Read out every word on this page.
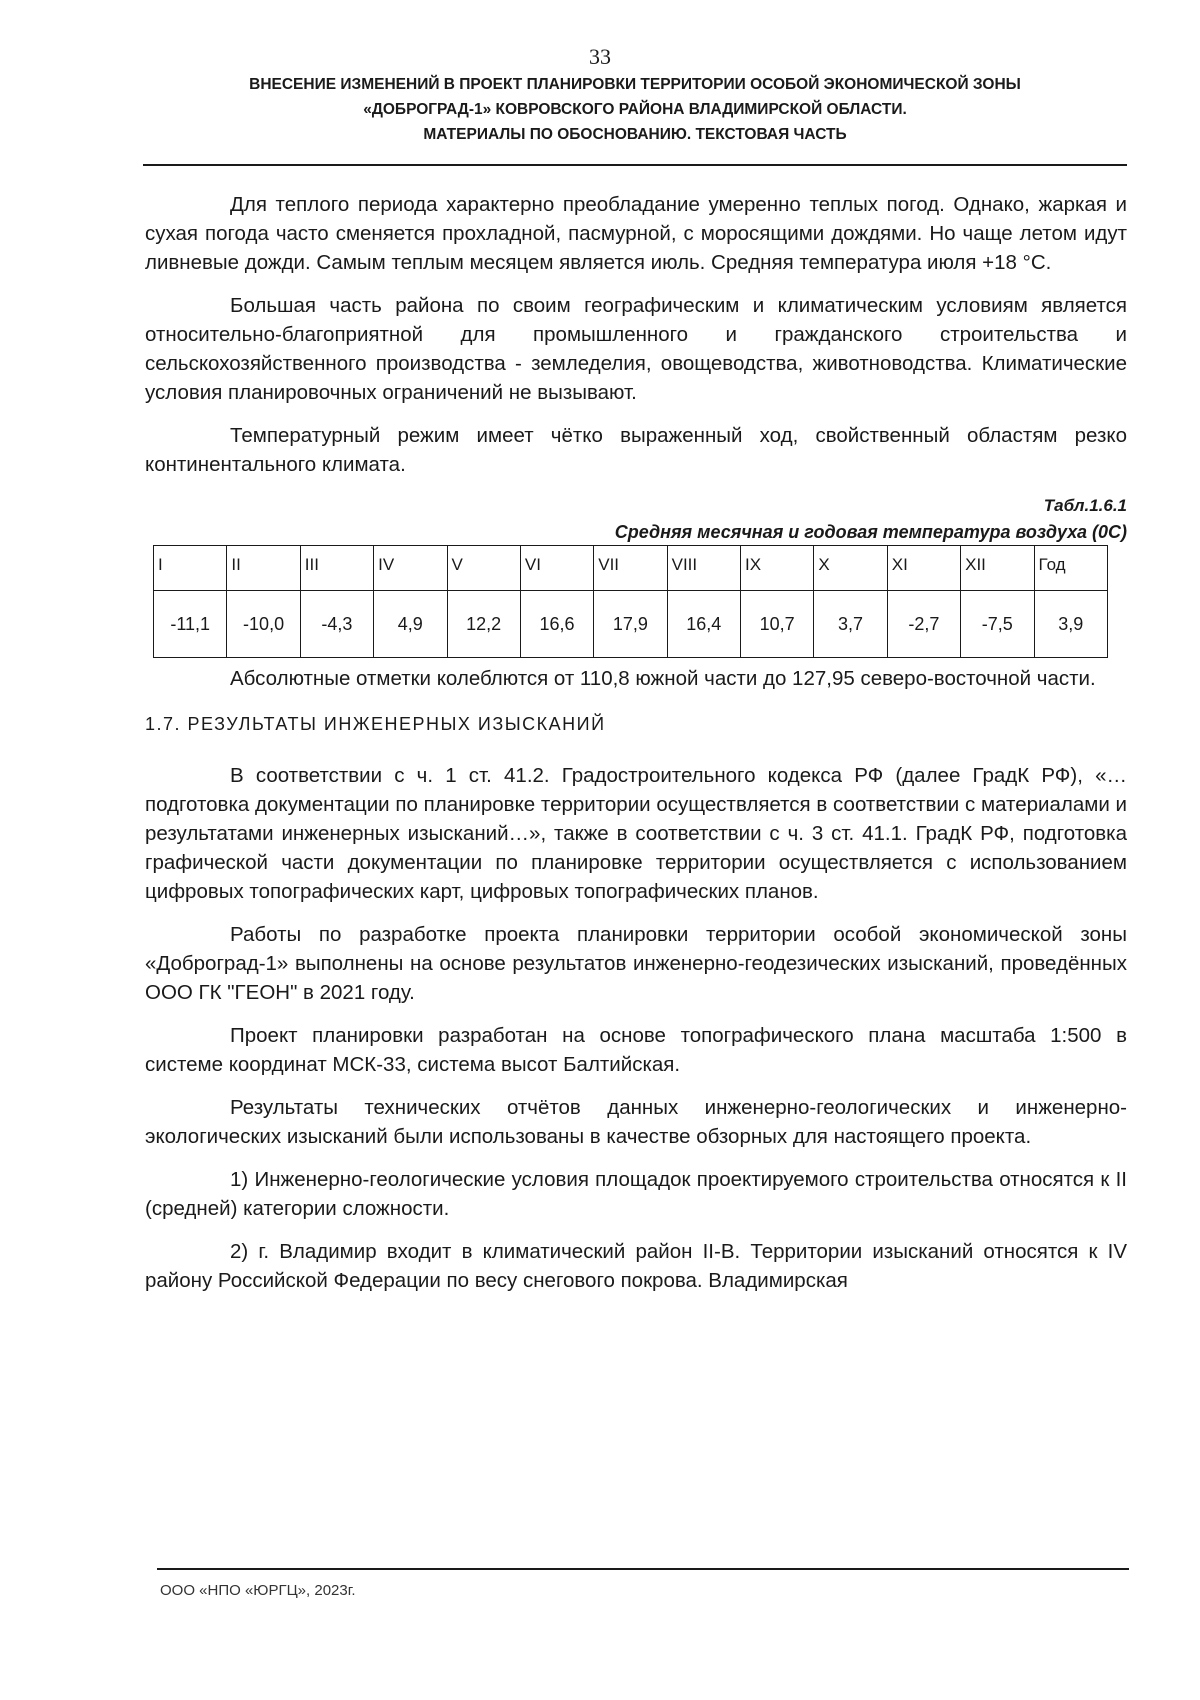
33
ВНЕСЕНИЕ ИЗМЕНЕНИЙ В ПРОЕКТ ПЛАНИРОВКИ ТЕРРИТОРИИ ОСОБОЙ ЭКОНОМИЧЕСКОЙ ЗОНЫ
«ДОБРОГРАД-1» КОВРОВСКОГО РАЙОНА ВЛАДИМИРСКОЙ ОБЛАСТИ.
МАТЕРИАЛЫ ПО ОБОСНОВАНИЮ. ТЕКСТОВАЯ ЧАСТЬ

Для теплого периода характерно преобладание умеренно теплых погод. Однако, жаркая и сухая погода часто сменяется прохладной, пасмурной, с моросящими дождями. Но чаще летом идут ливневые дожди. Самым теплым месяцем является июль. Средняя температура июля +18 °С.

Большая часть района по своим географическим и климатическим условиям является относительно-благоприятной для промышленного и гражданского строительства и сельскохозяйственного производства - земледелия, овощеводства, животноводства. Климатические условия планировочных ограничений не вызывают.

Температурный режим имеет чётко выраженный ход, свойственный областям резко континентального климата.

Табл.1.6.1
Средняя месячная и годовая температура воздуха (0С)
I	II	III	IV	V	VI	VII	VIII	IX	X	XI	XII	Год
-11,1	-10,0	-4,3	4,9	12,2	16,6	17,9	16,4	10,7	3,7	-2,7	-7,5	3,9

Абсолютные отметки колеблются от 110,8 южной части до 127,95 северо-восточной части.

1.7. РЕЗУЛЬТАТЫ ИНЖЕНЕРНЫХ ИЗЫСКАНИЙ

В соответствии с ч. 1 ст. 41.2. Градостроительного кодекса РФ (далее ГрадК РФ), «…подготовка документации по планировке территории осуществляется в соответствии с материалами и результатами инженерных изысканий…», также в соответствии с ч. 3 ст. 41.1. ГрадК РФ, подготовка графической части документации по планировке территории осуществляется с использованием цифровых топографических карт, цифровых топографических планов.

Работы по разработке проекта планировки территории особой экономической зоны «Доброград-1» выполнены на основе результатов инженерно-геодезических изысканий, проведённых ООО ГК "ГЕОН" в 2021 году.

Проект планировки разработан на основе топографического плана масштаба 1:500 в системе координат МСК-33, система высот Балтийская.

Результаты технических отчётов данных инженерно-геологических и инженерно-экологических изысканий были использованы в качестве обзорных для настоящего проекта.

1) Инженерно-геологические условия площадок проектируемого строительства относятся к II (средней) категории сложности.

2) г. Владимир входит в климатический район II-В. Территории изысканий относятся к IV району Российской Федерации по весу снегового покрова. Владимирская

ООО «НПО «ЮРГЦ», 2023г.
